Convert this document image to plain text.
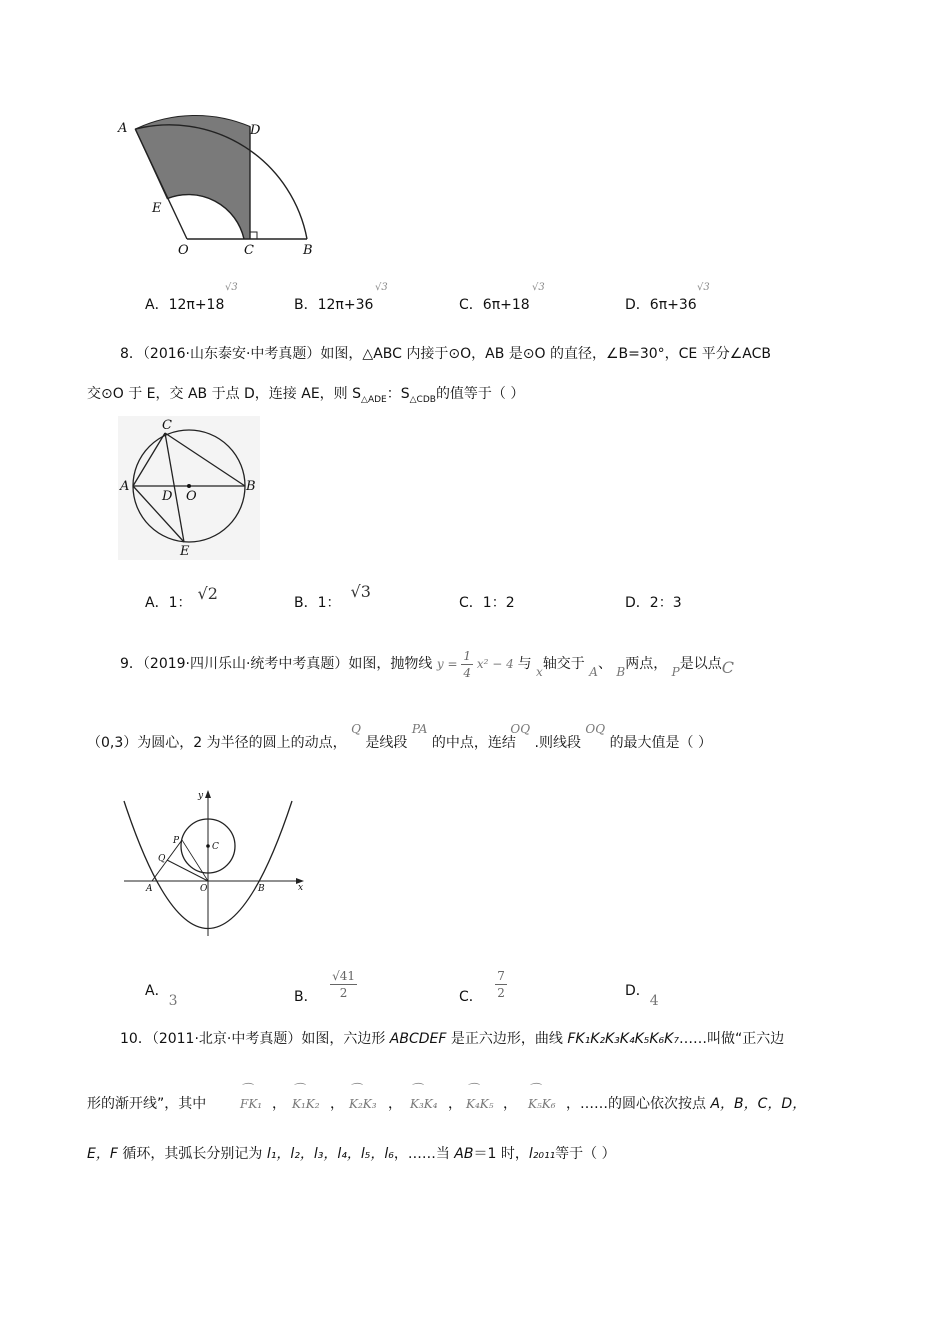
A	D
E
O	C	B
A．12π+18
√3
B．12π+36
√3
C．6π+18
√3
D．6π+36
√3
8．（2016·山东泰安·中考真题）如图，△ABC 内接于⊙O，AB 是⊙O 的直径，∠B=30°，CE 平分∠ACB
交⊙O 于 E，交 AB 于点 D，连接 AE，则 $S_{\triangle ADE}$：$S_{\triangle CDB}$的值等于（ ）
C
A
D O
B
E
A．1： √2	B．1：√3
C．1：2	D．2：3
9．（2019·四川乐山·统考中考真题）如图，抛物线 $y = \frac{1}{4} x^2 - 4$ 与 x轴交于 A、 B两点， P是以点C
（0,3）为圆心，2 为半径的圆上的动点， Q 是线段 PA 的中点，连结 OQ .则线段 OQ 的最大值是（ ）
y
P
C
Q
A	O	B	x
A．3	B． $\frac{√41}{2}$	C． $\frac{7}{2}$	D．4
10．（2011·北京·中考真题）如图，六边形 ABCDEF 是正六边形，曲线 FK₁K₂K₃K₄K₅K₆K₇……叫做“正六边
形的渐开线”，其中
⌒
FK₁ ，
⌒
K₁K₂ ，
⌒
K₂K₃ ，
⌒
K₃K₄ ，
⌒
K₄K₅ ，
⌒
K₅K₆ ，……的圆心依次按点 A，B，C，D，
E，F 循环，其弧长分别记为 l₁，l₂，l₃，l₄，l₅，l₆，……当 AB＝1 时，l₂₀₁₁等于（ ）
